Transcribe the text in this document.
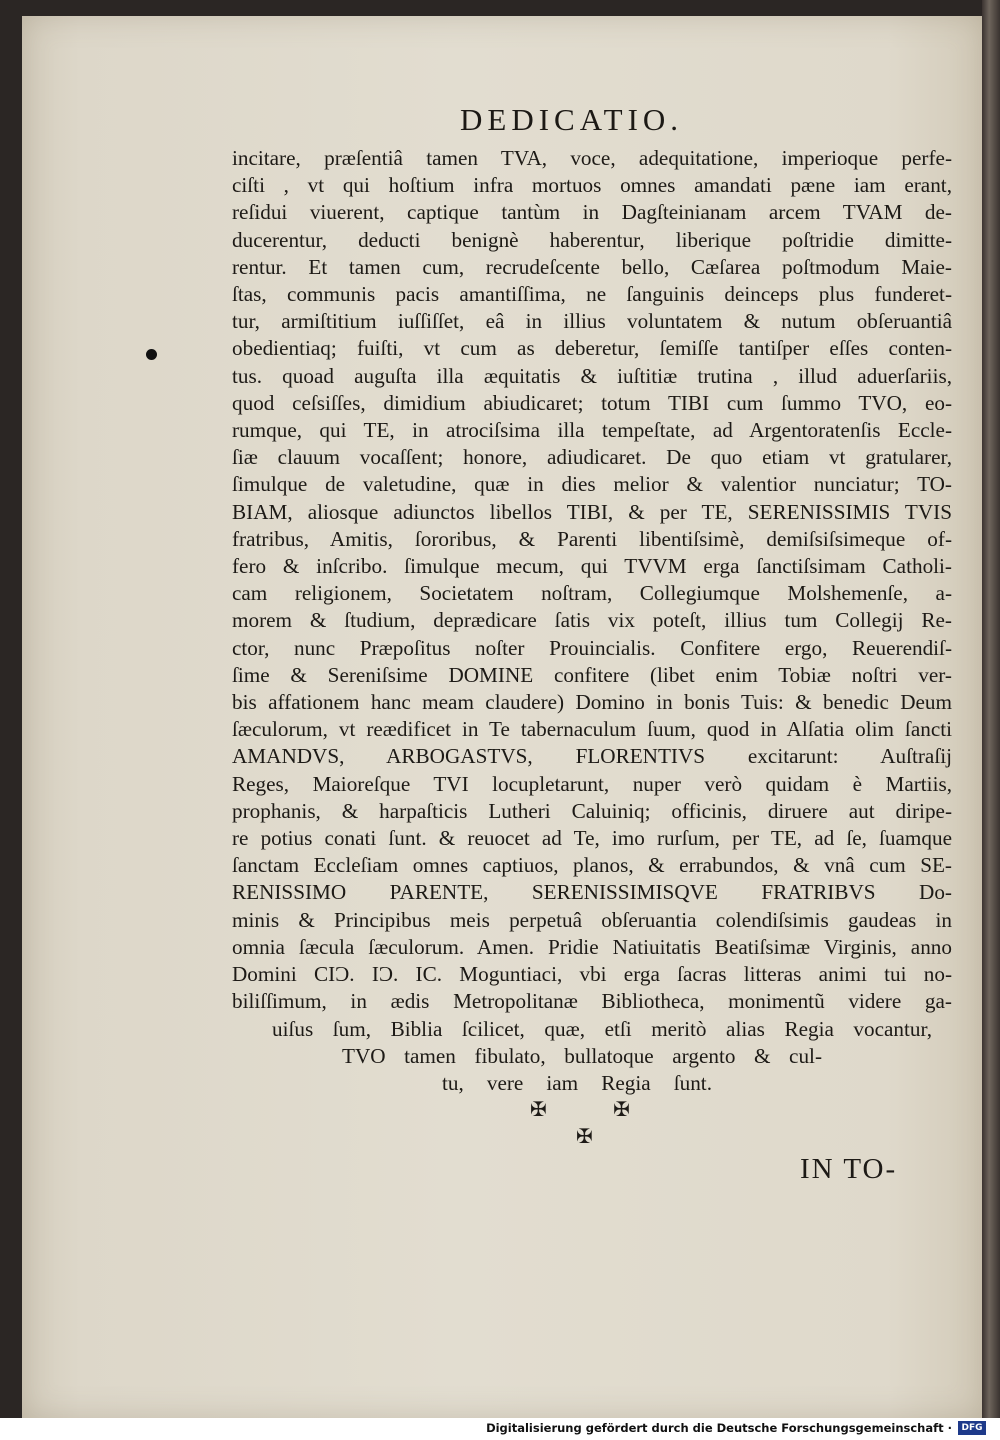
DEDICATIO.
incitare, præſentiâ tamen TVA, voce, adequitatione, imperioque perfe-
ciſti , vt qui hoſtium infra mortuos omnes amandati pæne iam erant,
reſidui viuerent, captique tantùm in Dagſteinianam arcem TVAM de-
ducerentur, deducti benignè haberentur, liberique poſtridie dimitte-
rentur. Et tamen cum, recrudeſcente bello, Cæſarea poſtmodum Maie-
ſtas, communis pacis amantiſſima, ne ſanguinis deinceps plus funderet-
tur, armiſtitium iuſſiſſet, eâ in illius voluntatem & nutum obſeruantiâ
obedientiaq; fuiſti, vt cum as deberetur, ſemiſſe tantiſper eſſes conten-
tus. quoad auguſta illa æquitatis & iuſtitiæ trutina , illud aduerſariis,
quod ceſsiſſes, dimidium abiudicaret; totum TIBI cum ſummo TVO, eo-
rumque, qui TE, in atrociſsima illa tempeſtate, ad Argentoratenſis Eccle-
ſiæ clauum vocaſſent; honore, adiudicaret. De quo etiam vt gratularer,
ſimulque de valetudine, quæ in dies melior & valentior nunciatur; TO-
BIAM, aliosque adiunctos libellos TIBI, & per TE, SERENISSIMIS TVIS
fratribus, Amitis, ſororibus, & Parenti libentiſsimè, demiſsiſsimeque of-
fero & inſcribo. ſimulque mecum, qui TVVM erga ſanctiſsimam Catholi-
cam religionem, Societatem noſtram, Collegiumque Molshemenſe, a-
morem & ſtudium, deprædicare ſatis vix poteſt, illius tum Collegij Re-
ctor, nunc Præpoſitus noſter Prouincialis. Confitere ergo, Reuerendiſ-
ſime & Sereniſsime DOMINE confitere (libet enim Tobiæ noſtri ver-
bis affationem hanc meam claudere) Domino in bonis Tuis: & benedic Deum
ſæculorum, vt reædificet in Te tabernaculum ſuum, quod in Alſatia olim ſancti
AMANDVS, ARBOGASTVS, FLORENTIVS excitarunt: Auſtraſij
Reges, Maioreſque TVI locupletarunt, nuper verò quidam è Martiis,
prophanis, & harpaſticis Lutheri Caluiniq; officinis, diruere aut diripe-
re potius conati ſunt. & reuocet ad Te, imo rurſum, per TE, ad ſe, ſuamque
ſanctam Eccleſiam omnes captiuos, planos, & errabundos, & vnâ cum SE-
RENISSIMO PARENTE, SERENISSIMISQVE FRATRIBVS Do-
minis & Principibus meis perpetuâ obſeruantia colendiſsimis gaudeas in
omnia ſæcula ſæculorum. Amen. Pridie Natiuitatis Beatiſsimæ Virginis, anno
Domini CIƆ. IƆ. IC. Moguntiaci, vbi erga ſacras litteras animi tui no-
biliſſimum, in ædis Metropolitanæ Bibliotheca, monimentũ videre ga-
uiſus ſum, Biblia ſcilicet, quæ, etſi meritò alias Regia vocantur,
TVO tamen fibulato, bullatoque argento & cul-
tu, vere iam Regia ſunt.
✠ ✠
✠
IN TO-
Digitalisierung gefördert durch die Deutsche Forschungsgemeinschaft ·	DFG
